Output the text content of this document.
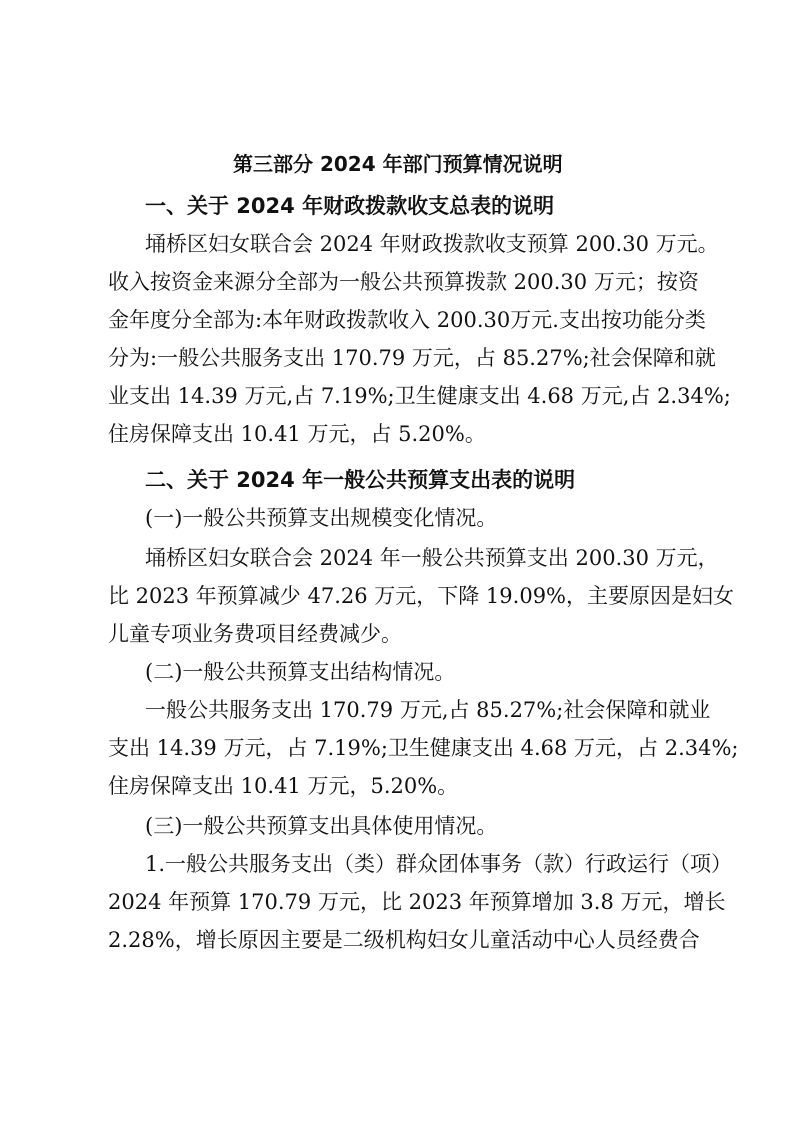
第三部分 2024 年部门预算情况说明
一、关于 2024 年财政拨款收支总表的说明
埇桥区妇女联合会 2024 年财政拨款收支预算 200.30 万元。
收入按资金来源分全部为一般公共预算拨款 200.30 万元；按资
金年度分全部为:本年财政拨款收入 200.30万元.支出按功能分类
分为:一般公共服务支出 170.79 万元，占 85.27%;社会保障和就
业支出 14.39 万元,占 7.19%;卫生健康支出 4.68 万元,占 2.34%;
住房保障支出 10.41 万元，占 5.20%。
二、关于 2024 年一般公共预算支出表的说明
(一)一般公共预算支出规模变化情况。
埇桥区妇女联合会 2024 年一般公共预算支出 200.30 万元，
比 2023 年预算减少 47.26 万元，下降 19.09%，主要原因是妇女
儿童专项业务费项目经费减少。
(二)一般公共预算支出结构情况。
一般公共服务支出 170.79 万元,占 85.27%;社会保障和就业
支出 14.39 万元，占 7.19%;卫生健康支出 4.68 万元，占 2.34%;
住房保障支出 10.41 万元，5.20%。
(三)一般公共预算支出具体使用情况。
1.一般公共服务支出（类）群众团体事务（款）行政运行（项）
2024 年预算 170.79 万元，比 2023 年预算增加 3.8 万元，增长
2.28%，增长原因主要是二级机构妇女儿童活动中心人员经费合
